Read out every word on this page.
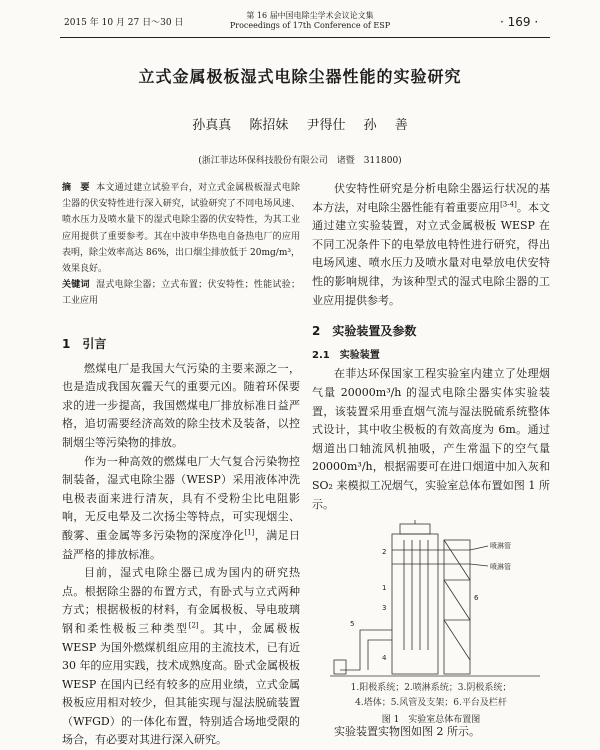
2015 年 10 月 27 日～30 日
第 16 届中国电除尘学术会议论文集
Proceedings of 17th Conference of ESP	· 169 ·
立式金属极板湿式电除尘器性能的实验研究
孙真真 陈招妹 尹得仕 孙 善
(浙江菲达环保科技股份有限公司　诸暨　311800)

摘　要 本文通过建立试验平台，对立式金属极板湿式电除尘器的伏安特性进行深入研究，试验研究了不同电场风速、喷水压力及喷水量下的湿式电除尘器的伏安特性，为其工业应用提供了重要参考。其在中波申华热电自备热电厂的应用表明，除尘效率高达 86%，出口烟尘排放低于 20mg/m³，效果良好。

关键词 湿式电除尘器；立式布置；伏安特性；性能试验；工业应用

1　引言

燃煤电厂是我国大气污染的主要来源之一，也是造成我国灰霾天气的重要元凶。随着环保要求的进一步提高，我国燃煤电厂排放标准日益严格，追切需要经济高效的除尘技术及装备，以控制烟尘等污染物的排放。

作为一种高效的燃煤电厂大气复合污染物控制装备，湿式电除尘器（WESP）采用液体冲洗电极表面来进行清灰，具有不受粉尘比电阻影响，无反电晕及二次扬尘等特点，可实现烟尘、酸雾、重金属等多污染物的深度净化[1]，满足日益严格的排放标准。

目前，湿式电除尘器已成为国内的研究热点。根据除尘器的布置方式，有卧式与立式两种方式；根据极板的材料，有金属极板、导电玻璃钢和柔性极板三种类型[2]。其中，金属极板 WESP 为国外燃煤机组应用的主流技术，已有近 30 年的应用实践，技术成熟度高。卧式金属极板 WESP 在国内已经有较多的应用业绩，立式金属极板应用相对较少，但其能实现与湿法脱硫装置（WFGD）的一体化布置，特别适合场地受限的场合，有必要对其进行深入研究。

伏安特性研究是分析电除尘器运行状况的基本方法，对电除尘器性能有着重要应用[3-4]。本文通过建立实验装置，对立式金属极板 WESP 在不同工况条件下的电晕放电特性进行研究，得出电场风速、喷水压力及喷水量对电晕放电伏安特性的影响规律，为该种型式的湿式电除尘器的工业应用提供参考。

2　实验装置及参数

2.1　实验装置

在菲达环保国家工程实验室内建立了处理烟气量 20000m³/h 的湿式电除尘器实体实验装置，该装置采用垂直烟气流与湿法脱硫系统整体式设计，其中收尘极板的有效高度为 6m。通过烟道出口轴流风机抽吸，产生常温下的空气量 20000m³/h，根据需要可在进口烟道中加入灰和 SO₂ 来模拟工况烟气，实验室总体布置如图 1 所示。

喷淋管
喷淋管
1
2
3
4
5
6
1.阳极系统；2.喷淋系统；3.阴极系统；
4.塔体；5.风管及支架；6.平台及栏杆
图 1　实验室总体布置图
实验装置实物图如图 2 所示。
